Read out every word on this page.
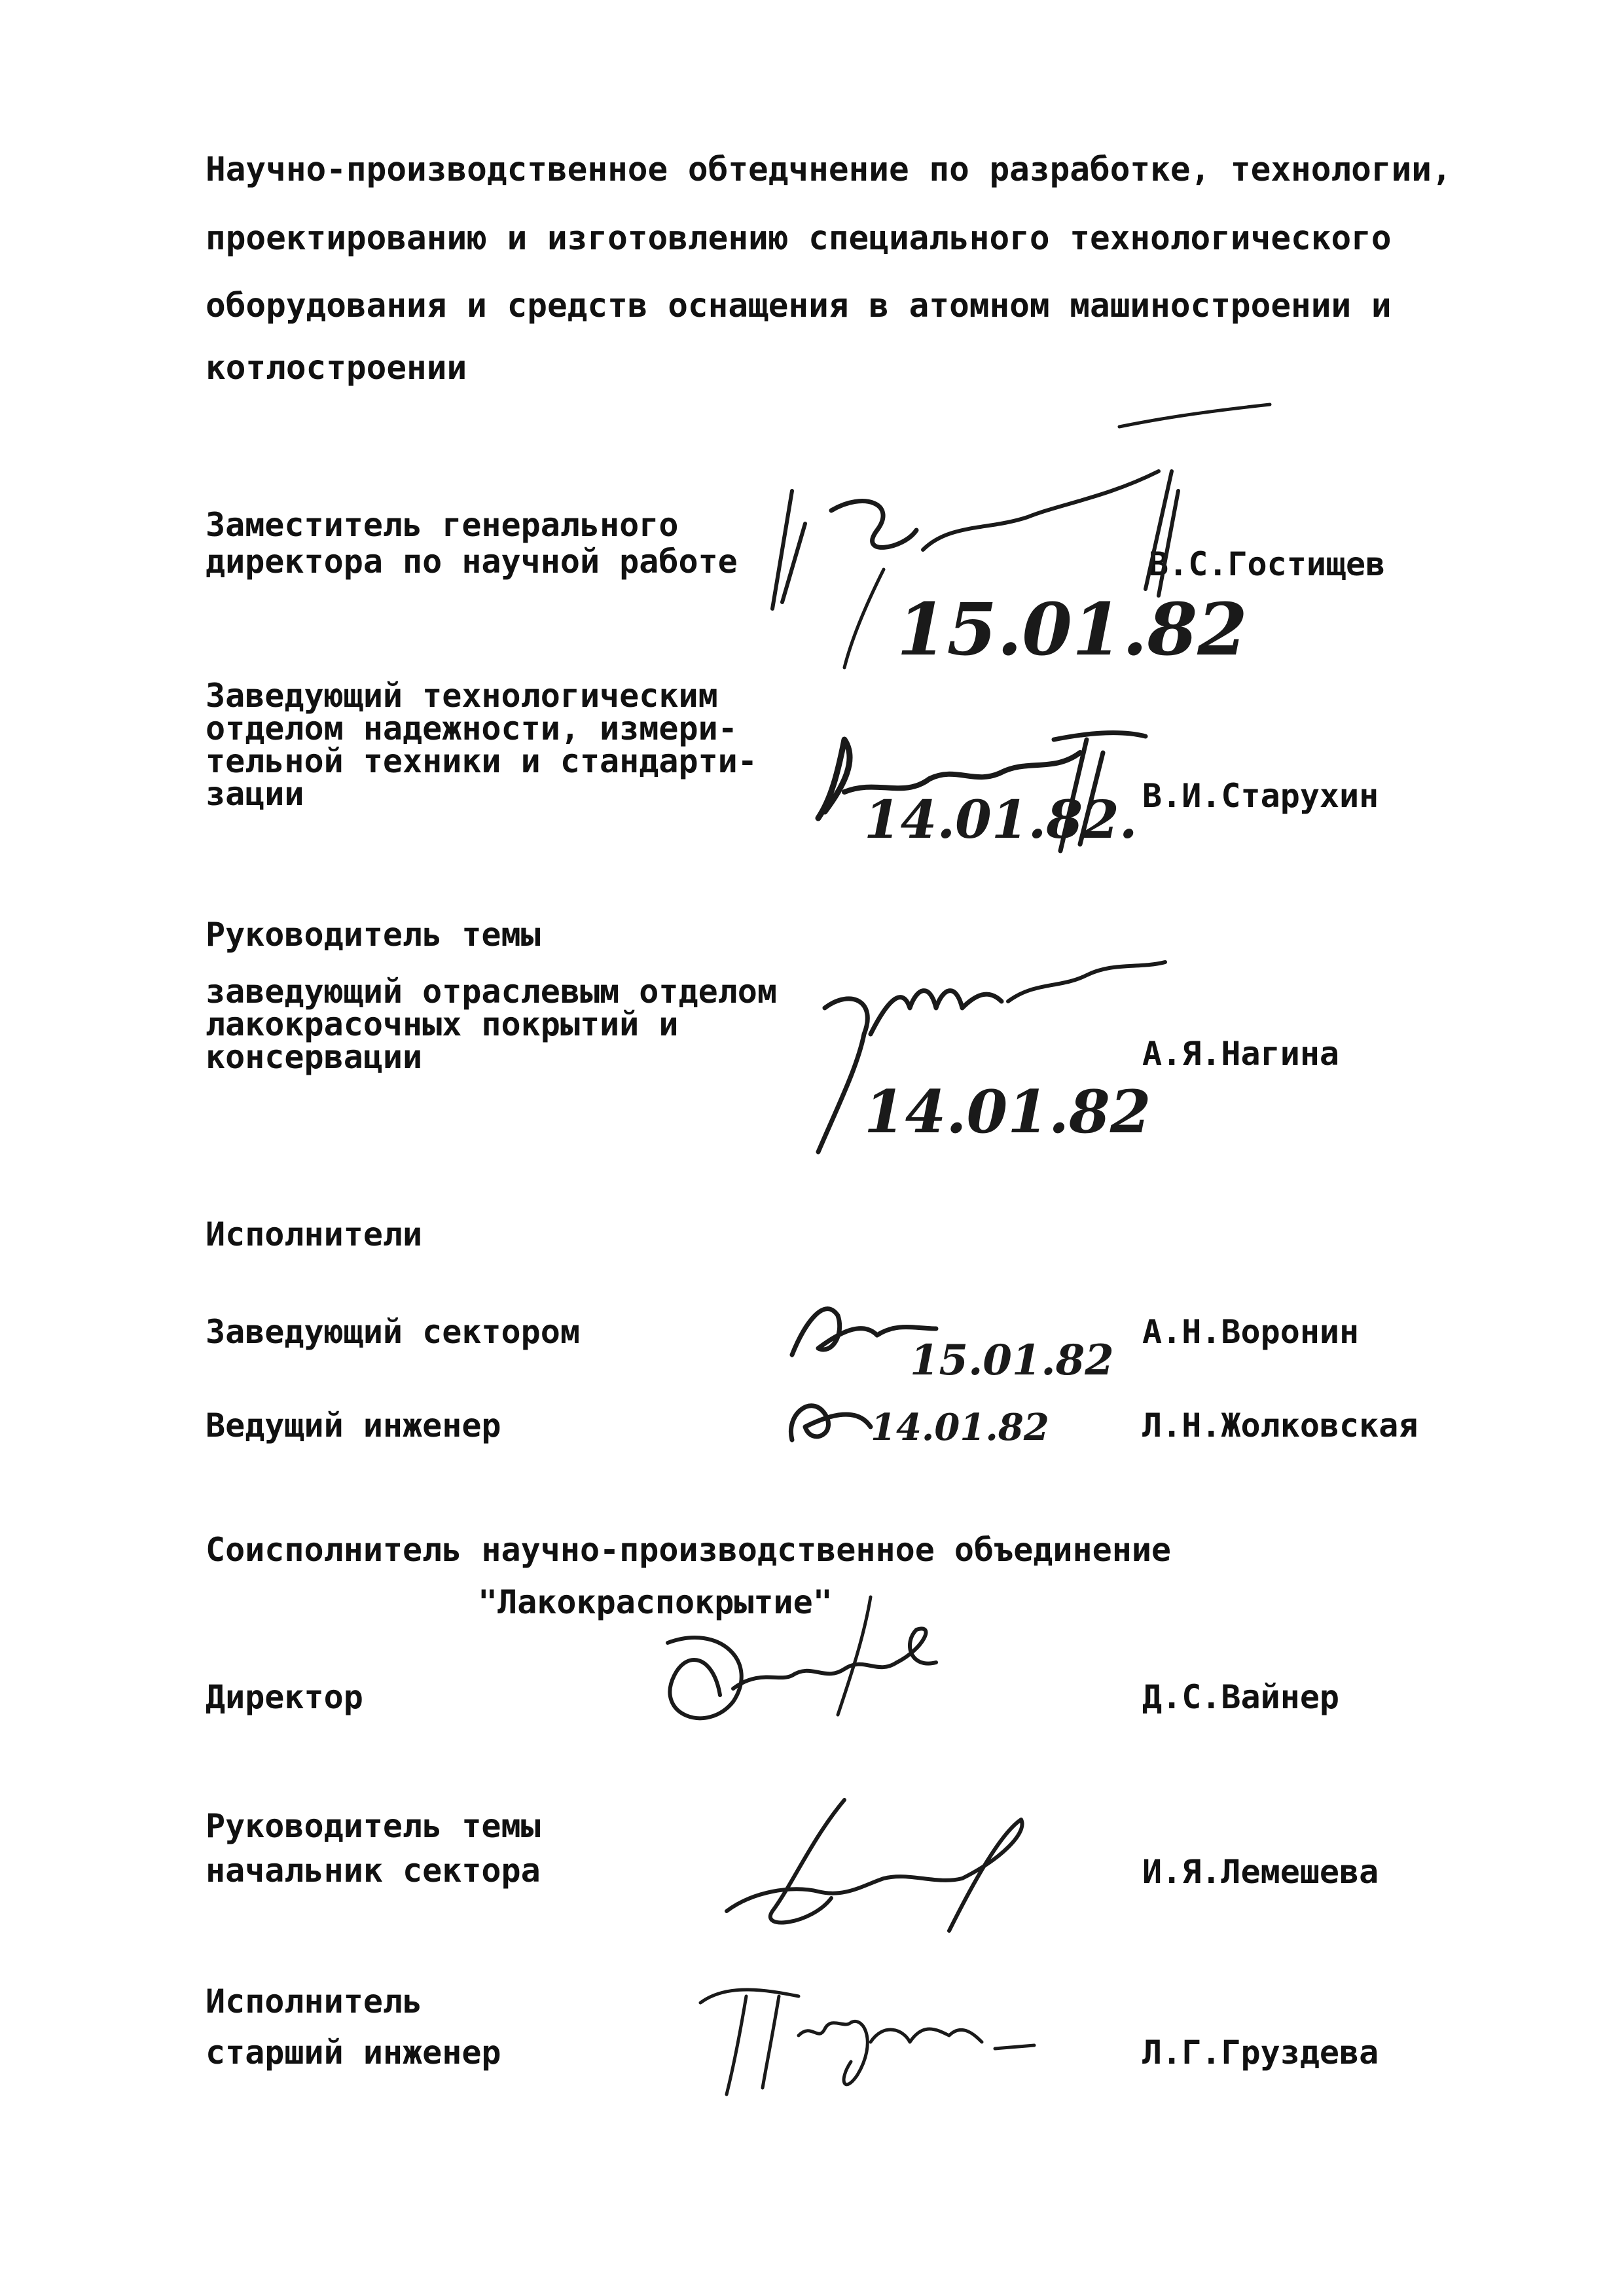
Научно-производственное обтедчнение по разработке, технологии,
проектированию и изготовлению специального технологического
оборудования и средств оснащения в атомном машиностроении и
котлостроении
Заместитель генерального
директора по научной работе	В.С.Гостищев
15.01.82
Заведующий технологическим
отделом надежности, измери-
тельной техники и стандарти-
зации	В.И.Старухин
14.01.82.
Руководитель темы
заведующий отраслевым отделом
лакокрасочных покрытий и
консервации	А.Я.Нагина
14.01.82
Исполнители
Заведующий сектором	А.Н.Воронин
15.01.82
Ведущий инженер	Л.Н.Жолковская
14.01.82
Соисполнитель научно-производственное объединение
"Лакокраспокрытие"
Директор	Д.С.Вайнер
Руководитель темы
начальник сектора	И.Я.Лемешева
Исполнитель
старший инженер	Л.Г.Груздева
